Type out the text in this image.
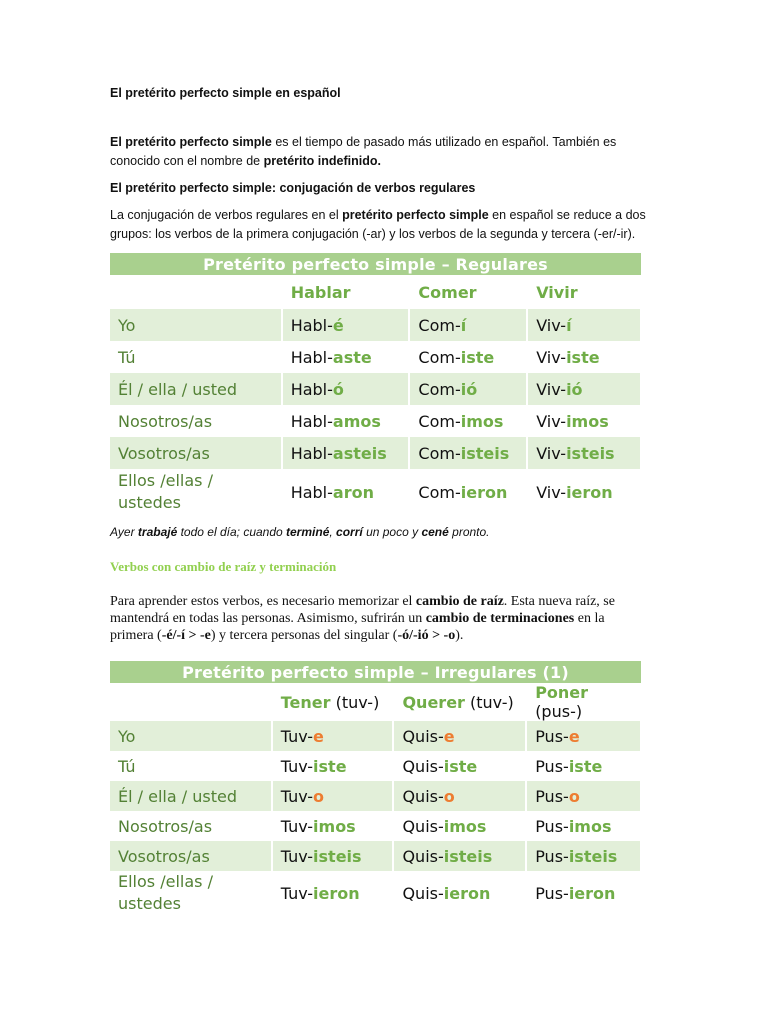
El pretérito perfecto simple en español

El pretérito perfecto simple es el tiempo de pasado más utilizado en español. También es conocido con el nombre de pretérito indefinido.

El pretérito perfecto simple: conjugación de verbos regulares

La conjugación de verbos regulares en el pretérito perfecto simple en español se reduce a dos grupos: los verbos de la primera conjugación (-ar) y los verbos de la segunda y tercera (-er/-ir).

Pretérito perfecto simple – Regulares			
	Hablar	Comer	Vivir
Yo	Habl-é	Com-í	Viv-í
Tú	Habl-aste	Com-iste	Viv-iste
Él / ella / usted	Habl-ó	Com-ió	Viv-ió
Nosotros/as	Habl-amos	Com-imos	Viv-imos
Vosotros/as	Habl-asteis	Com-isteis	Viv-isteis
Ellos /ellas / ustedes	Habl-aron	Com-ieron	Viv-ieron

Ayer trabajé todo el día; cuando terminé, corrí un poco y cené pronto.

Verbos con cambio de raíz y terminación

Para aprender estos verbos, es necesario memorizar el cambio de raíz. Esta nueva raíz, se mantendrá en todas las personas. Asimismo, sufrirán un cambio de terminaciones en la primera (-é/-í > -e) y tercera personas del singular (-ó/-ió > -o).

Pretérito perfecto simple – Irregulares (1)			
	Tener (tuv-)	Querer (tuv-)	Poner (pus-)
Yo	Tuv-e	Quis-e	Pus-e
Tú	Tuv-iste	Quis-iste	Pus-iste
Él / ella / usted	Tuv-o	Quis-o	Pus-o
Nosotros/as	Tuv-imos	Quis-imos	Pus-imos
Vosotros/as	Tuv-isteis	Quis-isteis	Pus-isteis
Ellos /ellas / ustedes	Tuv-ieron	Quis-ieron	Pus-ieron
